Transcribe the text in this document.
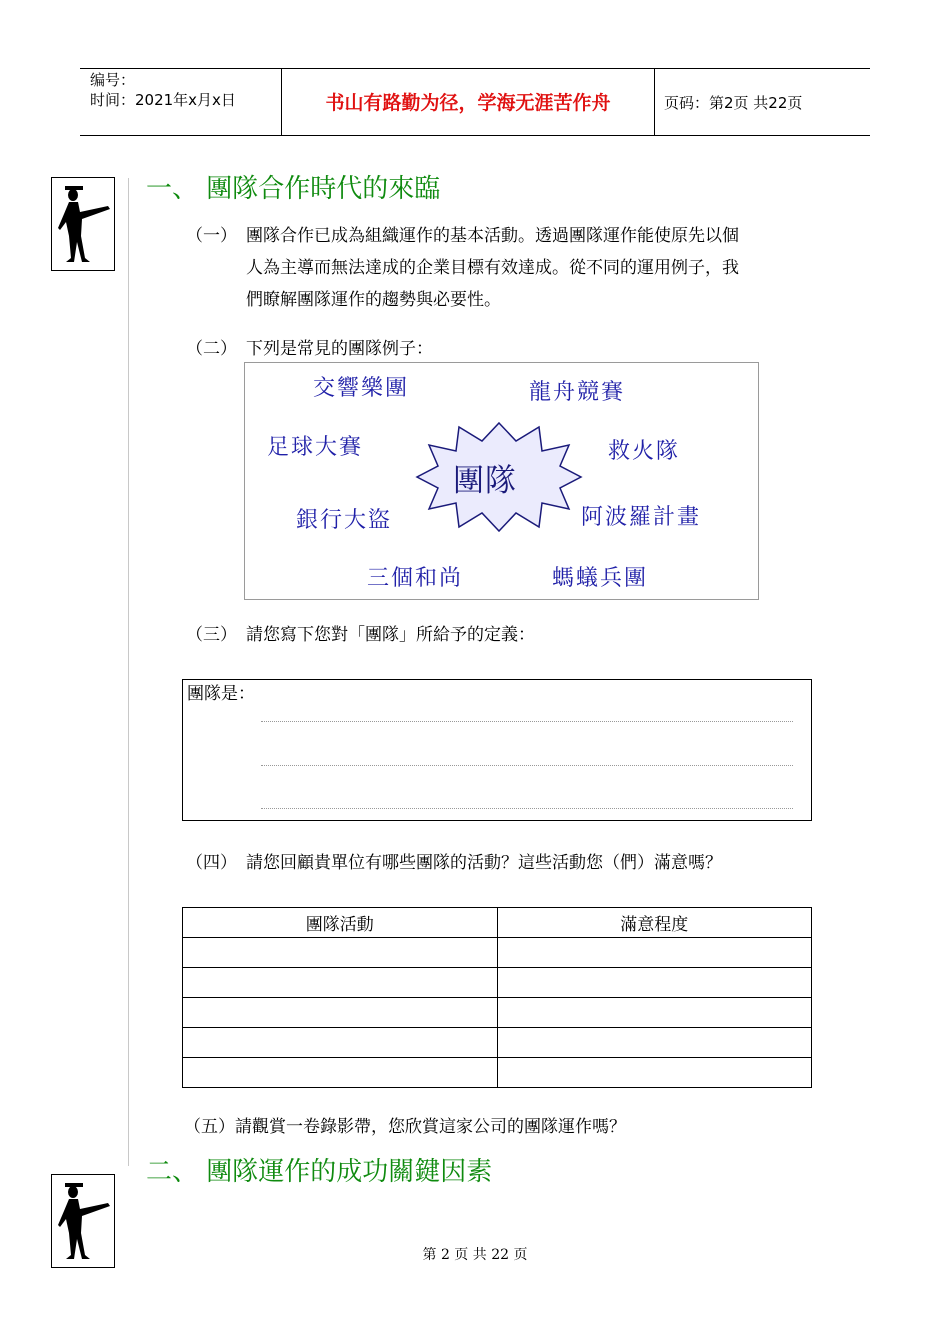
编号：
时间：2021年x月x日	书山有路勤为径，学海无涯苦作舟	页码：第2页 共22页
一、 團隊合作時代的來臨
（一） 團隊合作已成為組織運作的基本活動。透過團隊運作能使原先以個
人為主導而無法達成的企業目標有效達成。從不同的運用例子，我
們瞭解團隊運作的趨勢與必要性。
（二） 下列是常見的團隊例子：
團隊
交響樂團	龍舟競賽
足球大賽	救火隊
銀行大盜	阿波羅計畫
三個和尚	螞蟻兵團
（三） 請您寫下您對「團隊」所給予的定義：
團隊是：
（四） 請您回顧貴單位有哪些團隊的活動？這些活動您（們）滿意嗎？
團隊活動	滿意程度

（五）請觀賞一卷錄影帶，您欣賞這家公司的團隊運作嗎？
二、 團隊運作的成功關鍵因素
第 2 页 共 22 页
